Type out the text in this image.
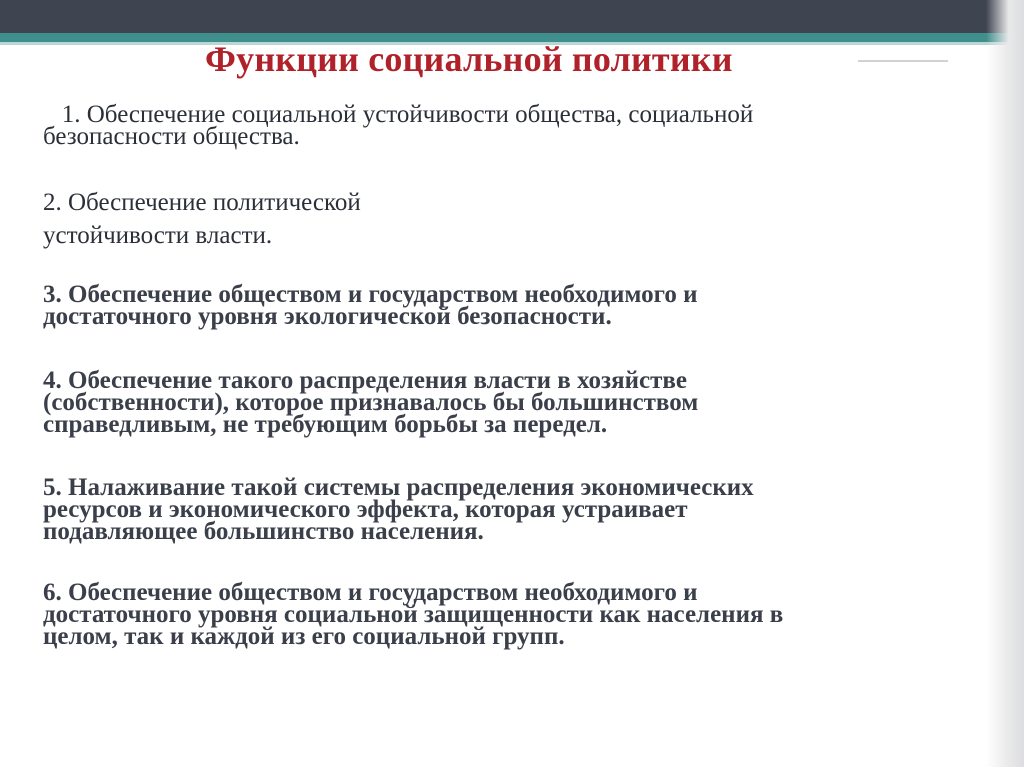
Функции социальной политики
1. Обеспечение социальной устойчивости общества, социальной
безопасности общества.
2. Обеспечение политической
устойчивости власти.
3. Обеспечение обществом и государством необходимого и
достаточного уровня экологической безопасности.
4. Обеспечение такого распределения власти в хозяйстве
(собственности), которое признавалось бы большинством
справедливым, не требующим борьбы за передел.
5. Налаживание такой системы распределения экономических
ресурсов и экономического эффекта, которая устраивает
подавляющее большинство населения.
6. Обеспечение обществом и государством необходимого и
достаточного уровня социальной защищенности как населения в
целом, так и каждой из его социальной групп.
